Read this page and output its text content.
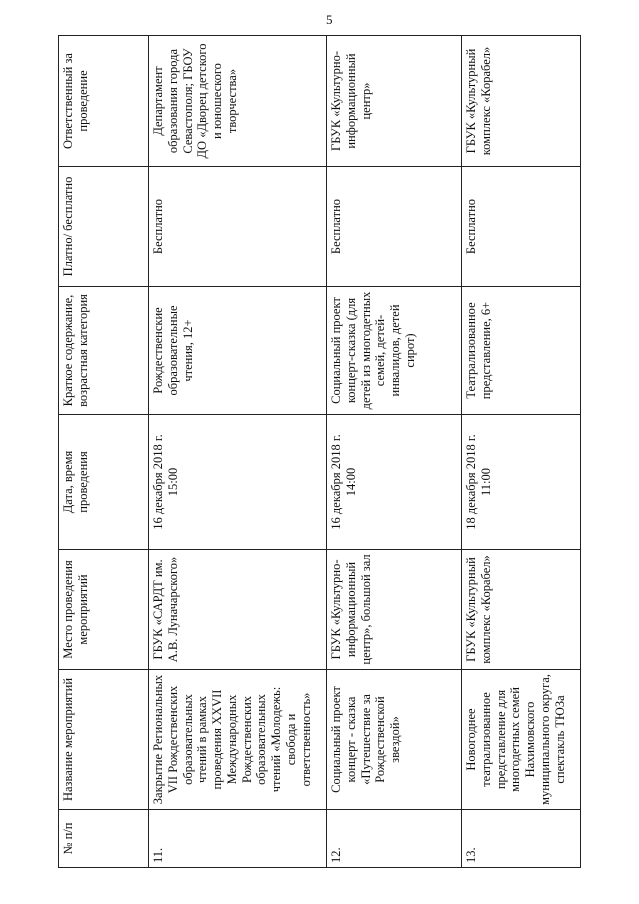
5
№ п/п	Название мероприятий	Место проведения мероприятий	Дата, время проведения	Краткое содержание, возрастная категория	Платно/ бесплатно	Ответственный за проведение
11.	Закрытие Региональных VII Рождественских образовательных чтений в рамках проведения XXVII Международных Рождественских образовательных чтений «Молодежь: свобода и ответственность»	ГБУК «САРДТ им. А.В. Луначарского»	16 декабря 2018 г. 15:00	Рождественские образовательные чтения, 12+	Бесплатно	Департамент образования города Севастополя; ГБОУ ДО «Дворец детского и юношеского творчества»
12.	Социальный проект концерт - сказка «Путешествие за Рождественской звездой»	ГБУК «Культурно-информационный центр», большой зал	16 декабря 2018 г. 14:00	Социальный проект концерт-сказка (для детей из многодетных семей, детей-инвалидов, детей сирот)	Бесплатно	ГБУК «Культурно-информационный центр»
13.	Новогоднее театрализованное представление для многодетных семей Нахимовского муниципального округа, спектакль ТЮЗа	ГБУК «Культурный комплекс «Корабел»	18 декабря 2018 г. 11:00	Театрализованное представление, 6+	Бесплатно	ГБУК «Культурный комплекс «Корабел»
